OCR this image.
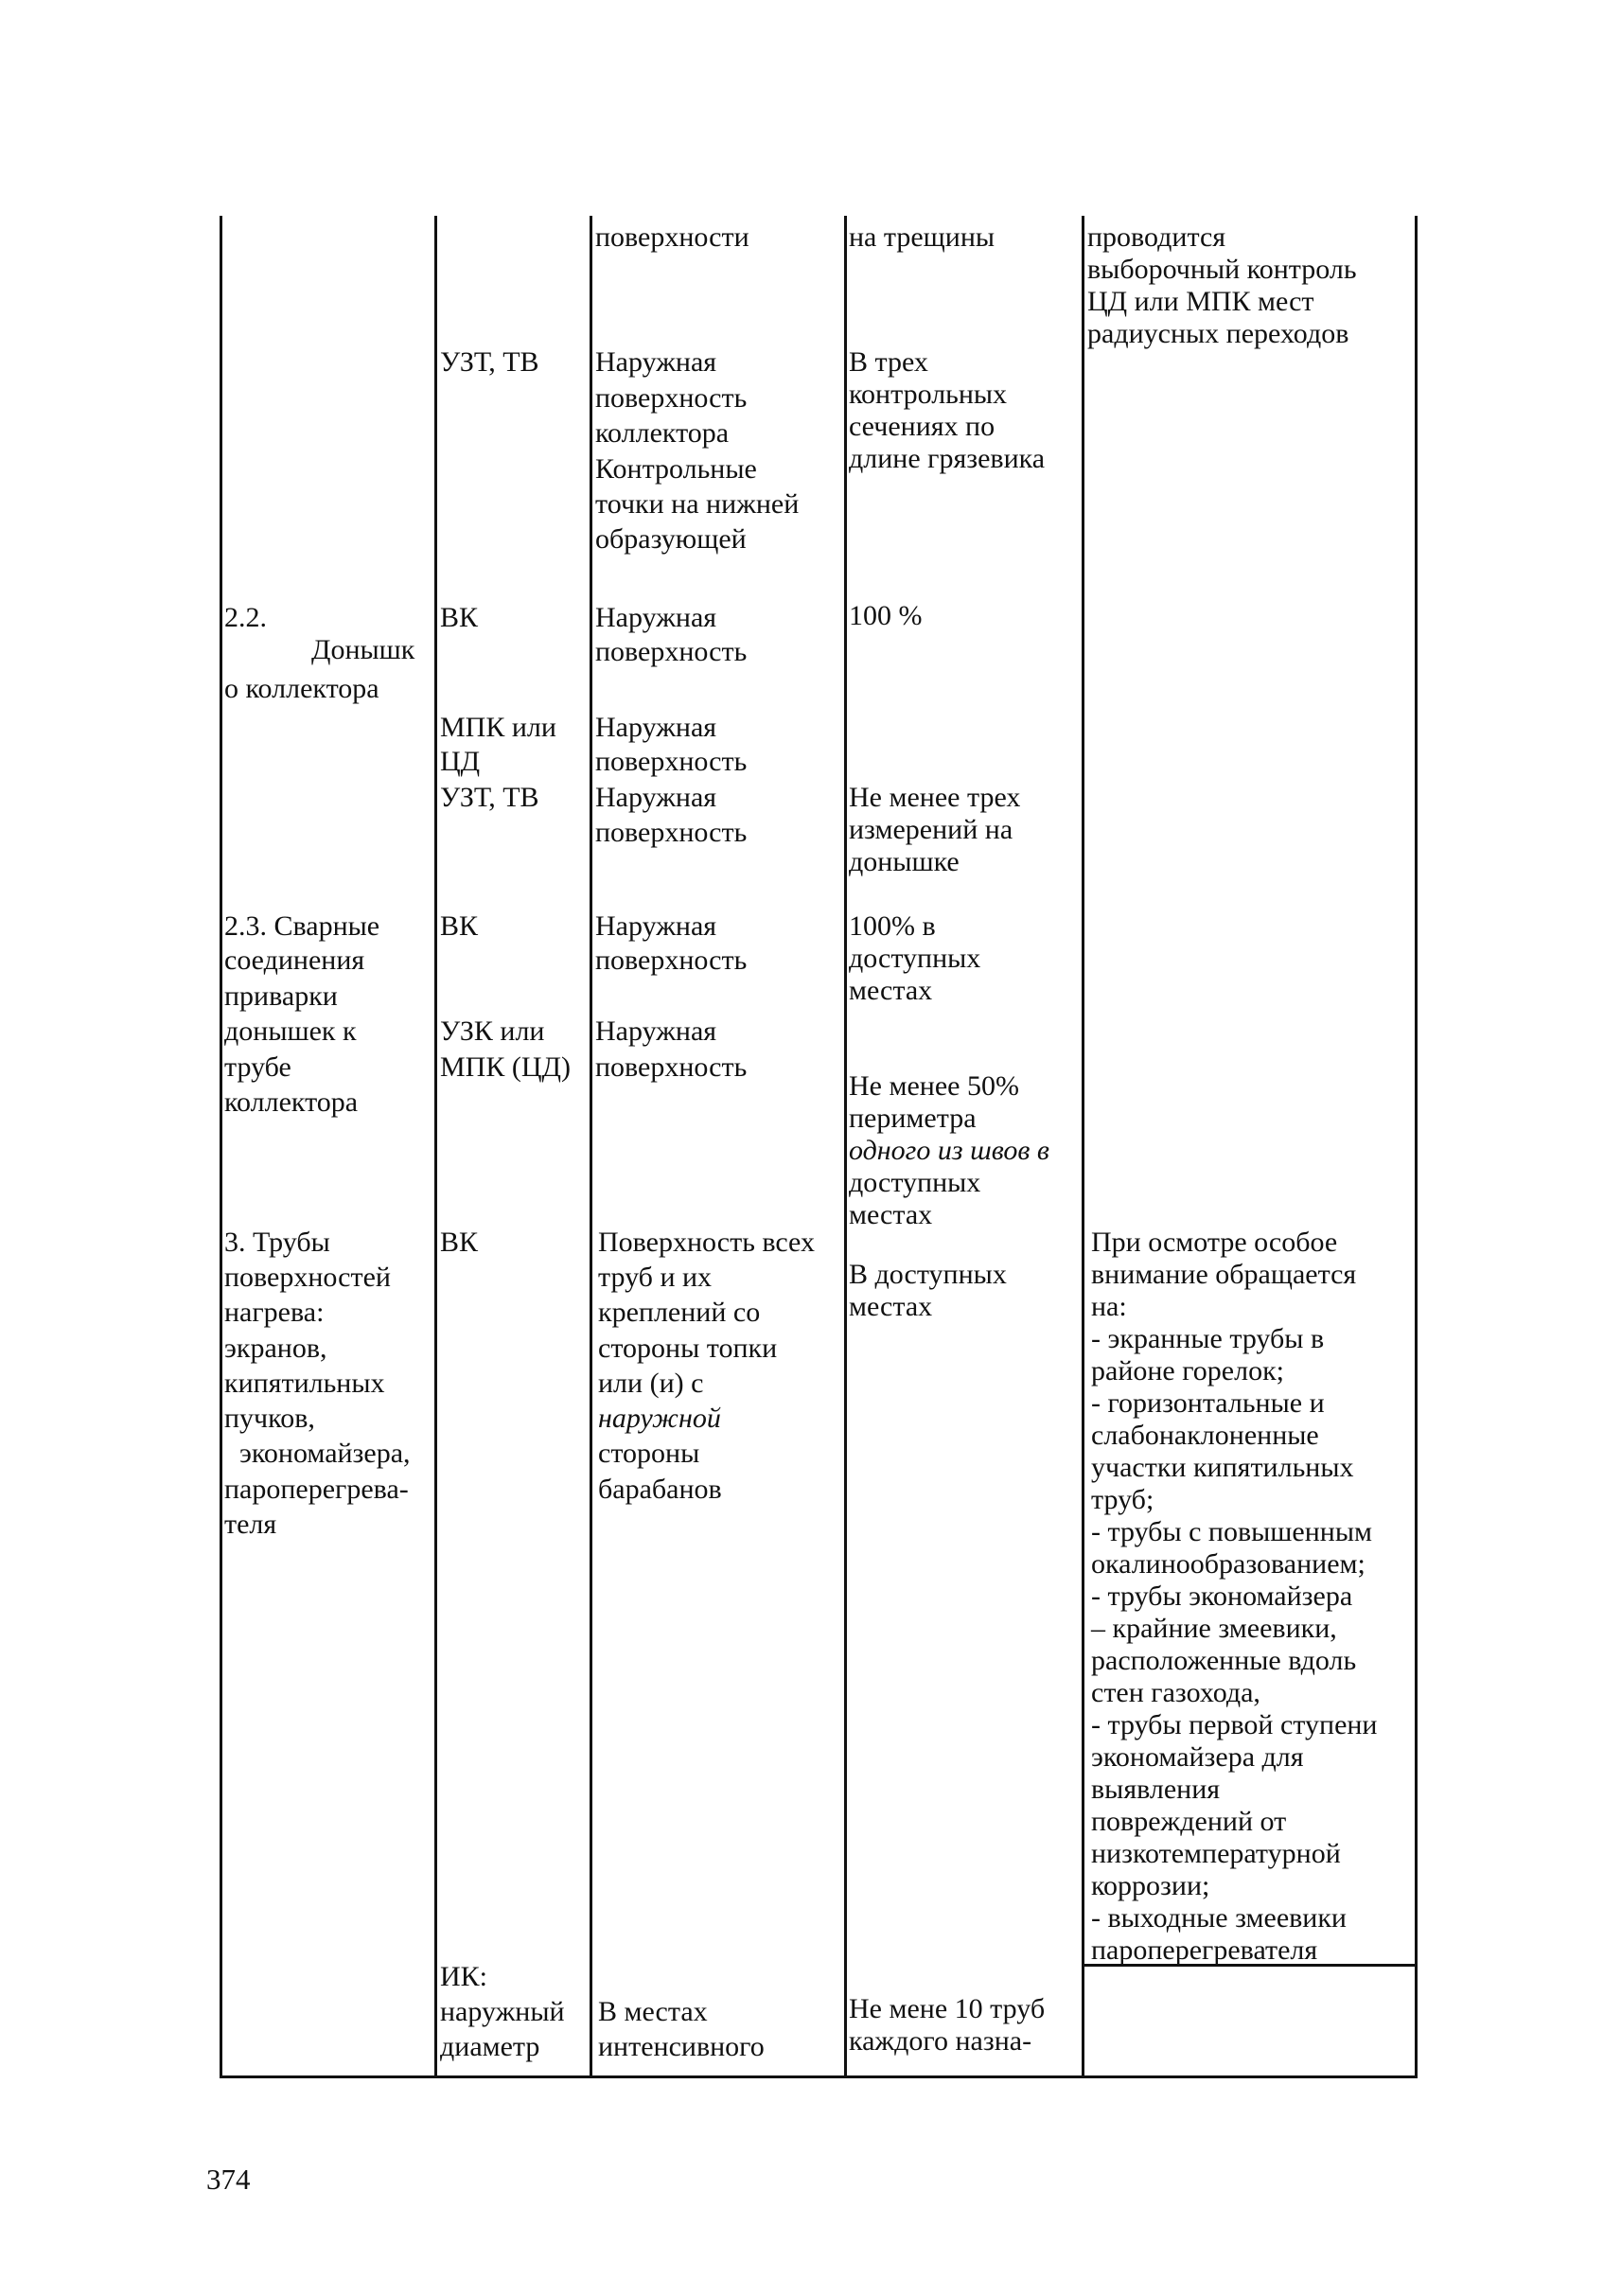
2.2.
Донышк
о коллектора
2.3. Сварные
соединения
приварки
донышек к
трубе
коллектора
3. Трубы
поверхностей
нагрева:
экранов,
кипятильных
пучков,
экономайзера,
пароперегрева-
теля
УЗТ, ТВ
ВК
МПК или
ЦД
УЗТ, ТВ
ВК
УЗК или
МПК (ЦД)
ВК
ИК:
наружный
диаметр
поверхности
Наружная
поверхность
коллектора
Контрольные
точки на нижней
образующей
Наружная
поверхность
Наружная
поверхность
Наружная
поверхность
Наружная
поверхность
Наружная
поверхность
Поверхность всех
труб и их
креплений со
стороны топки
или (и) с
наружной
стороны
барабанов
В местах
интенсивного
на трещины
В трех
контрольных
сечениях по
длине грязевика
100 %
Не менее трех
измерений на
донышке
100% в
доступных
местах
Не менее 50%
периметра
одного из швов в
доступных
местах
В доступных
местах
Не мене 10 труб
каждого назна-
проводится
выборочный контроль
ЦД или МПК мест
радиусных переходов
При осмотре особое
внимание обращается
на:
- экранные трубы в
районе горелок;
- горизонтальные и
слабонаклоненные
участки кипятильных
труб;
- трубы с повышенным
окалинообразованием;
- трубы экономайзера
– крайние змеевики,
расположенные вдоль
стен газохода,
- трубы первой ступени
экономайзера для
выявления
повреждений от
низкотемпературной
коррозии;
- выходные змеевики
пароперегревателя
374
